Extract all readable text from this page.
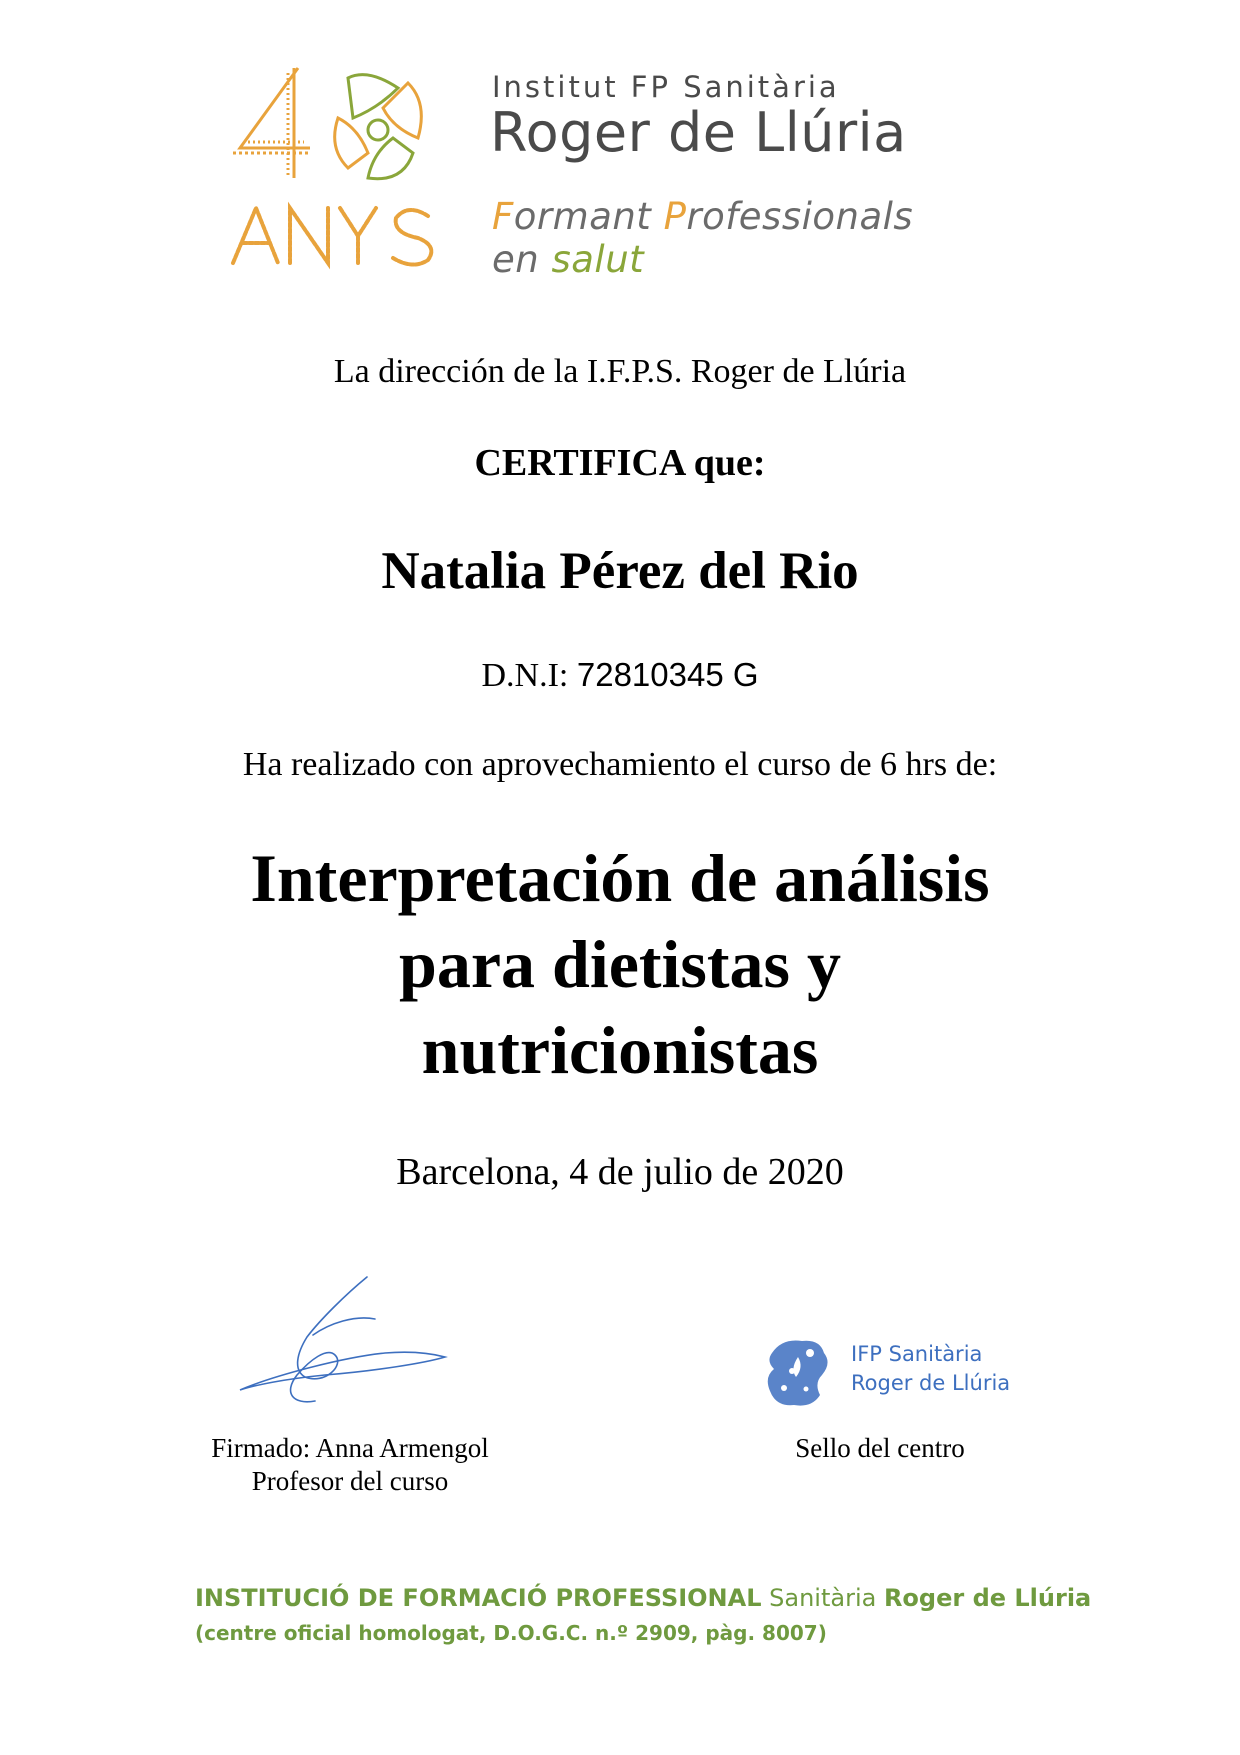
Institut FP Sanitària
Roger de Llúria
Formant Professionals
en salut
La dirección de la I.F.P.S. Roger de Llúria
CERTIFICA que:
Natalia Pérez del Rio
D.N.I: 72810345 G
Ha realizado con aprovechamiento el curso de 6 hrs de:
Interpretación de análisis
para dietistas y
nutricionistas
Barcelona, 4 de julio de 2020
Firmado: Anna Armengol
Profesor del curso
IFP Sanitària
Roger de Llúria
Sello del centro
INSTITUCIÓ DE FORMACIÓ PROFESSIONAL Sanitària Roger de Llúria
(centre oficial homologat, D.O.G.C. n.º 2909, pàg. 8007)
